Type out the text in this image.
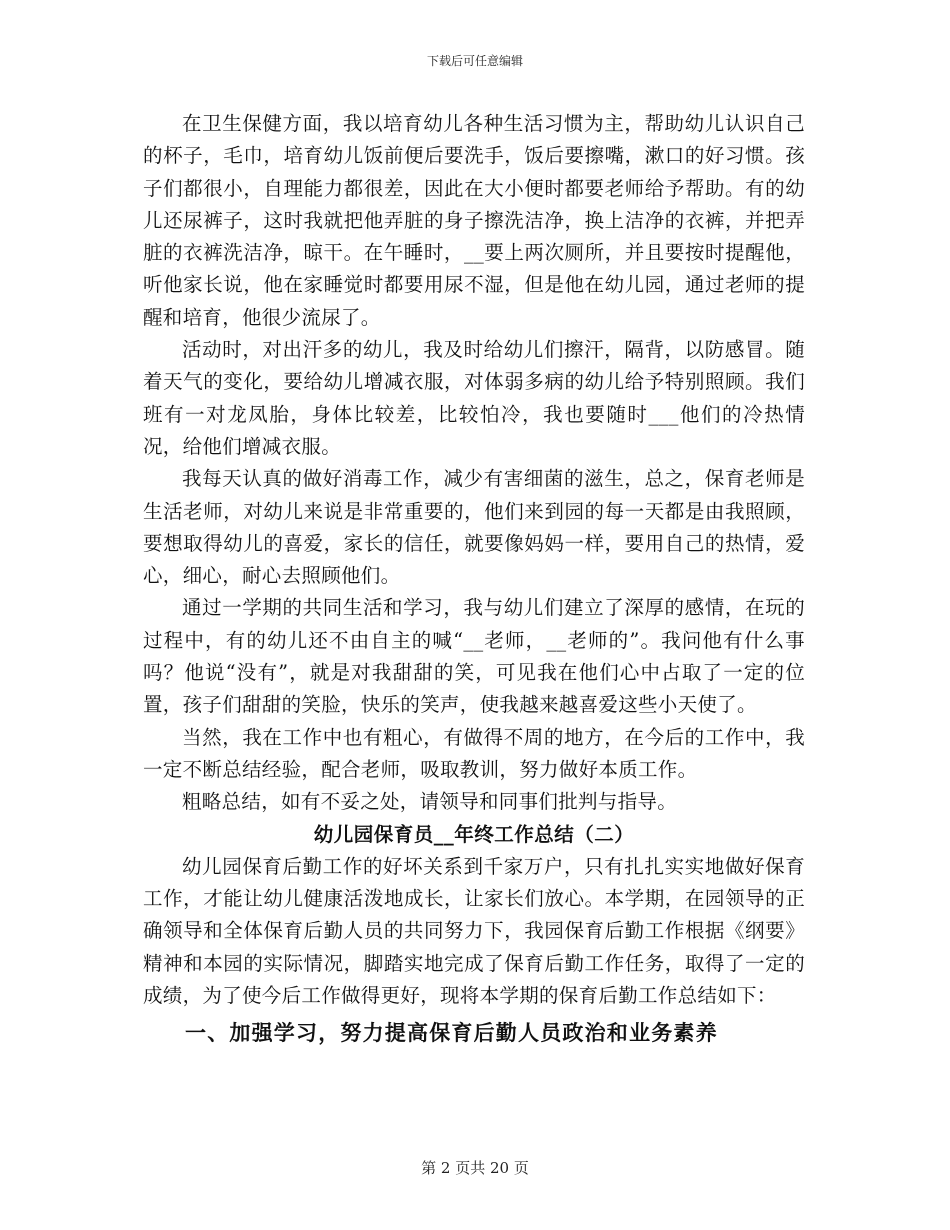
下载后可任意编辑

在卫生保健方面，我以培育幼儿各种生活习惯为主，帮助幼儿认识自己的杯子，毛巾，培育幼儿饭前便后要洗手，饭后要擦嘴，漱口的好习惯。孩子们都很小，自理能力都很差，因此在大小便时都要老师给予帮助。有的幼儿还尿裤子，这时我就把他弄脏的身子擦洗洁净，换上洁净的衣裤，并把弄脏的衣裤洗洁净，晾干。在午睡时，__要上两次厕所，并且要按时提醒他，听他家长说，他在家睡觉时都要用尿不湿，但是他在幼儿园，通过老师的提醒和培育，他很少流尿了。

活动时，对出汗多的幼儿，我及时给幼儿们擦汗，隔背，以防感冒。随着天气的变化，要给幼儿增减衣服，对体弱多病的幼儿给予特别照顾。我们班有一对龙凤胎，身体比较差，比较怕冷，我也要随时___他们的冷热情况，给他们增减衣服。

我每天认真的做好消毒工作，减少有害细菌的滋生，总之，保育老师是生活老师，对幼儿来说是非常重要的，他们来到园的每一天都是由我照顾，要想取得幼儿的喜爱，家长的信任，就要像妈妈一样，要用自己的热情，爱心，细心，耐心去照顾他们。

通过一学期的共同生活和学习，我与幼儿们建立了深厚的感情，在玩的过程中，有的幼儿还不由自主的喊“__老师，__老师的”。我问他有什么事吗？他说“没有”，就是对我甜甜的笑，可见我在他们心中占取了一定的位置，孩子们甜甜的笑脸，快乐的笑声，使我越来越喜爱这些小天使了。

当然，我在工作中也有粗心，有做得不周的地方，在今后的工作中，我一定不断总结经验，配合老师，吸取教训，努力做好本质工作。

粗略总结，如有不妥之处，请领导和同事们批判与指导。

幼儿园保育员__年终工作总结（二）

幼儿园保育后勤工作的好坏关系到千家万户，只有扎扎实实地做好保育工作，才能让幼儿健康活泼地成长，让家长们放心。本学期，在园领导的正确领导和全体保育后勤人员的共同努力下，我园保育后勤工作根据《纲要》精神和本园的实际情况，脚踏实地完成了保育后勤工作任务，取得了一定的成绩，为了使今后工作做得更好，现将本学期的保育后勤工作总结如下：

一、加强学习，努力提高保育后勤人员政治和业务素养

第 2 页共 20 页
